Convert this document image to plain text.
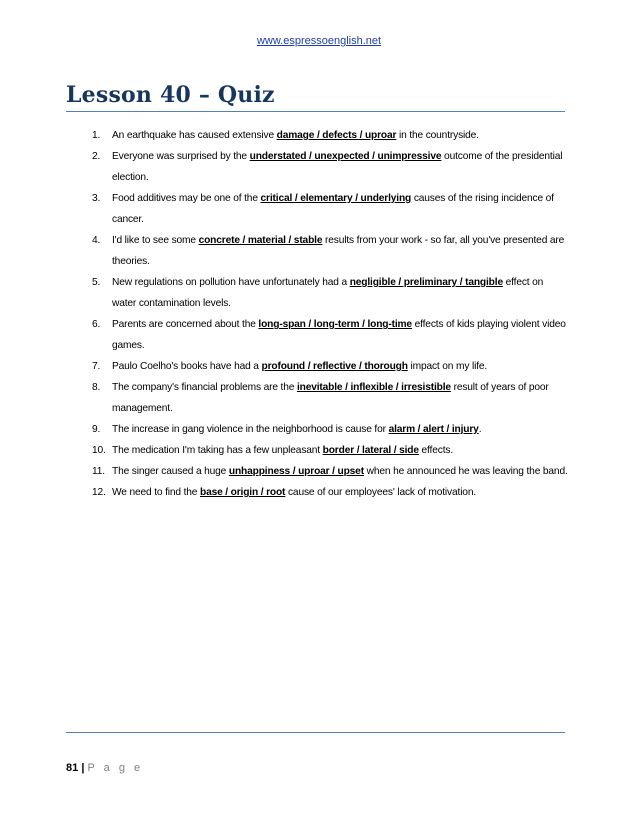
www.espressoenglish.net
Lesson 40 – Quiz
1. An earthquake has caused extensive damage / defects / uproar in the countryside.
2. Everyone was surprised by the understated / unexpected / unimpressive outcome of the presidential election.
3. Food additives may be one of the critical / elementary / underlying causes of the rising incidence of cancer.
4. I'd like to see some concrete / material / stable results from your work - so far, all you've presented are theories.
5. New regulations on pollution have unfortunately had a negligible / preliminary / tangible effect on water contamination levels.
6. Parents are concerned about the long-span / long-term / long-time effects of kids playing violent video games.
7. Paulo Coelho's books have had a profound / reflective / thorough impact on my life.
8. The company's financial problems are the inevitable / inflexible / irresistible result of years of poor management.
9. The increase in gang violence in the neighborhood is cause for alarm / alert / injury.
10. The medication I'm taking has a few unpleasant border / lateral / side effects.
11. The singer caused a huge unhappiness / uproar / upset when he announced he was leaving the band.
12. We need to find the base / origin / root cause of our employees' lack of motivation.
81 | P a g e
